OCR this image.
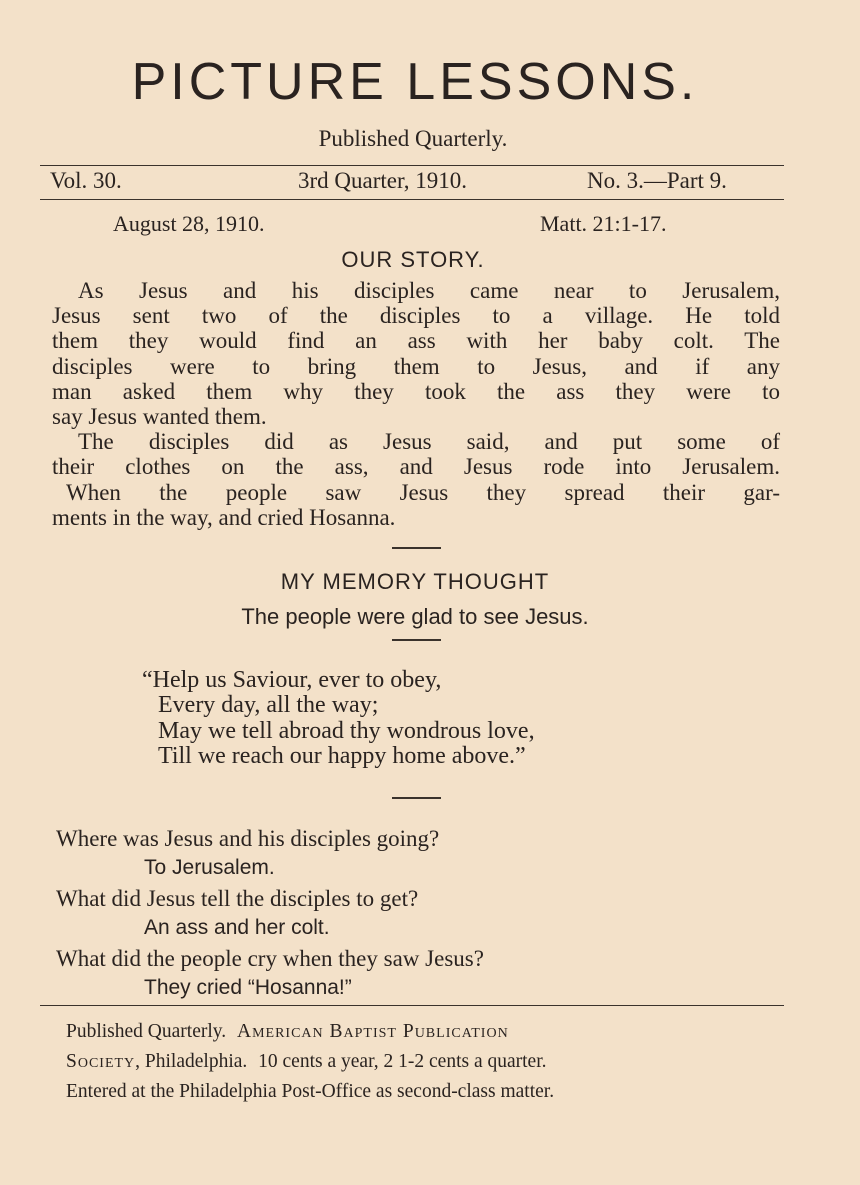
PICTURE LESSONS.
Published Quarterly.
Vol. 30.	3rd Quarter, 1910.	No. 3.—Part 9.
August 28, 1910.	Matt. 21:1-17.
OUR STORY.
As Jesus and his disciples came near to Jerusalem,
Jesus sent two of the disciples to a village. He told
them they would find an ass with her baby colt. The
disciples were to bring them to Jesus, and if any
man asked them why they took the ass they were to
say Jesus wanted them.
The disciples did as Jesus said, and put some of
their clothes on the ass, and Jesus rode into Jerusalem.
When the people saw Jesus they spread their gar-
ments in the way, and cried Hosanna.
MY MEMORY THOUGHT
The people were glad to see Jesus.
“Help us Saviour, ever to obey,
Every day, all the way;
May we tell abroad thy wondrous love,
Till we reach our happy home above.”
Where was Jesus and his disciples going?
To Jerusalem.
What did Jesus tell the disciples to get?
An ass and her colt.
What did the people cry when they saw Jesus?
They cried “Hosanna!”
Published Quarterly. American Baptist Publication
Society, Philadelphia. 10 cents a year, 2 1-2 cents a quarter.
Entered at the Philadelphia Post-Office as second-class matter.
